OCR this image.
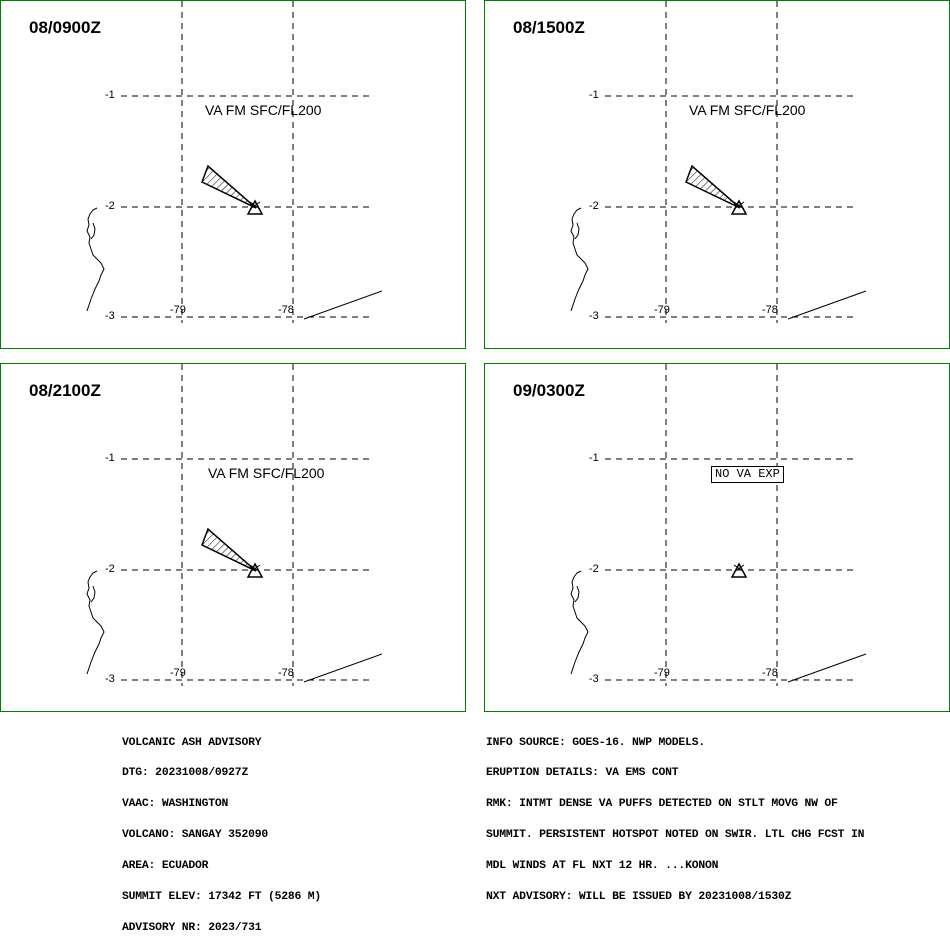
08/0900Z
-1
-2
-3	-79	-78
VA FM SFC/FL200
08/1500Z
-1
-2
-3	-79	-78
VA FM SFC/FL200
08/2100Z
-1
-2
-3	-79	-78
VA FM SFC/FL200
09/0300Z
-1
-2
-3	-79	-78
NO VA EXP

VOLCANIC ASH ADVISORY

DTG: 20231008/0927Z

VAAC: WASHINGTON

VOLCANO: SANGAY 352090

AREA: ECUADOR

SUMMIT ELEV: 17342 FT (5286 M)

ADVISORY NR: 2023/731

INFO SOURCE: GOES-16. NWP MODELS.

ERUPTION DETAILS: VA EMS CONT

RMK: INTMT DENSE VA PUFFS DETECTED ON STLT MOVG NW OF

SUMMIT. PERSISTENT HOTSPOT NOTED ON SWIR. LTL CHG FCST IN

MDL WINDS AT FL NXT 12 HR. ...KONON

NXT ADVISORY: WILL BE ISSUED BY 20231008/1530Z
